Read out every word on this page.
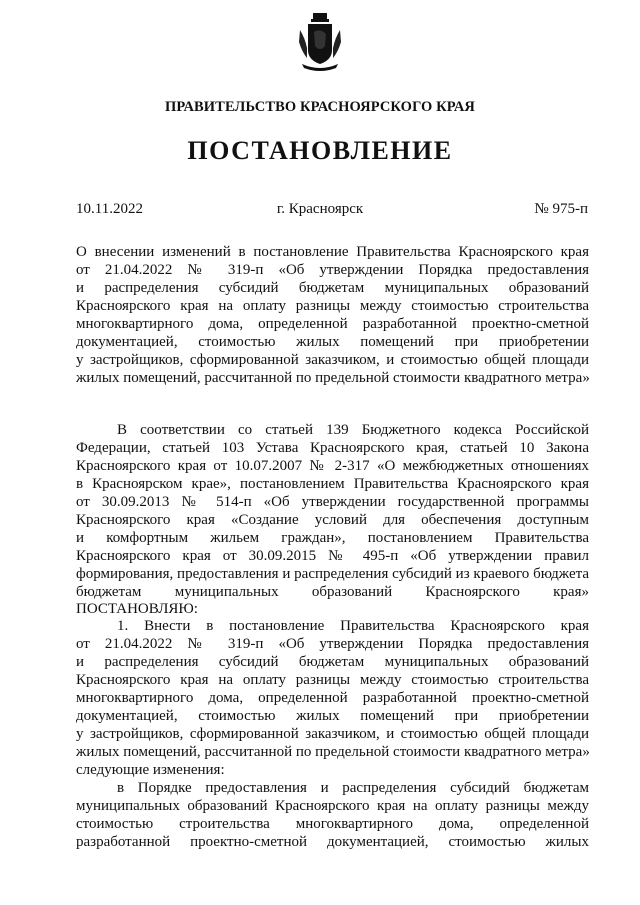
ПРАВИТЕЛЬСТВО КРАСНОЯРСКОГО КРАЯ
ПОСТАНОВЛЕНИЕ
10.11.2022	г. Красноярск	№ 975-п
О внесении изменений в постановление Правительства Красноярского края
от 21.04.2022 № 319-п «Об утверждении Порядка предоставления
и распределения субсидий бюджетам муниципальных образований
Красноярского края на оплату разницы между стоимостью строительства
многоквартирного дома, определенной разработанной проектно-сметной
документацией, стоимостью жилых помещений при приобретении
у застройщиков, сформированной заказчиком, и стоимостью общей площади
жилых помещений, рассчитанной по предельной стоимости квадратного метра»
В соответствии со статьей 139 Бюджетного кодекса Российской
Федерации, статьей 103 Устава Красноярского края, статьей 10 Закона
Красноярского края от 10.07.2007 № 2-317 «О межбюджетных отношениях
в Красноярском крае», постановлением Правительства Красноярского края
от 30.09.2013 № 514-п «Об утверждении государственной программы
Красноярского края «Создание условий для обеспечения доступным
и комфортным жильем граждан», постановлением Правительства
Красноярского края от 30.09.2015 № 495-п «Об утверждении правил
формирования, предоставления и распределения субсидий из краевого бюджета
бюджетам муниципальных образований Красноярского края»
ПОСТАНОВЛЯЮ:
1. Внести в постановление Правительства Красноярского края
от 21.04.2022 № 319-п «Об утверждении Порядка предоставления
и распределения субсидий бюджетам муниципальных образований
Красноярского края на оплату разницы между стоимостью строительства
многоквартирного дома, определенной разработанной проектно-сметной
документацией, стоимостью жилых помещений при приобретении
у застройщиков, сформированной заказчиком, и стоимостью общей площади
жилых помещений, рассчитанной по предельной стоимости квадратного метра»
следующие изменения:
в Порядке предоставления и распределения субсидий бюджетам
муниципальных образований Красноярского края на оплату разницы между
стоимостью строительства многоквартирного дома, определенной
разработанной проектно-сметной документацией, стоимостью жилых
